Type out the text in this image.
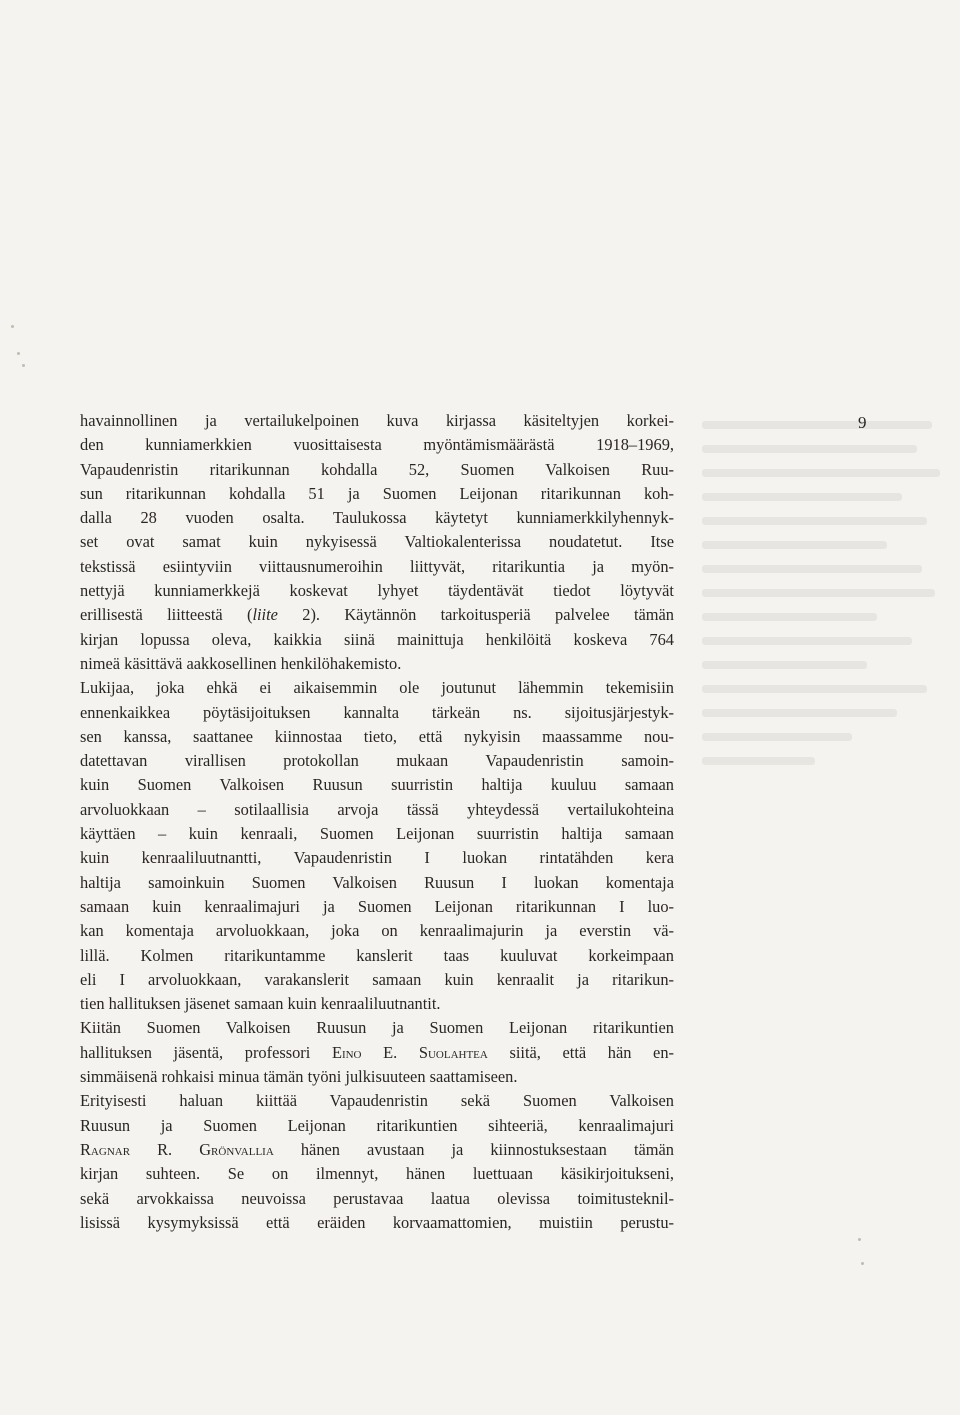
9

havainnollinen ja vertailukelpoinen kuva kirjassa käsiteltyjen korkei-
den kunniamerkkien vuosittaisesta myöntämismäärästä 1918–1969,
Vapaudenristin ritarikunnan kohdalla 52, Suomen Valkoisen Ruu-
sun ritarikunnan kohdalla 51 ja Suomen Leijonan ritarikunnan koh-
dalla 28 vuoden osalta. Taulukossa käytetyt kunniamerkkilyhennyk-
set ovat samat kuin nykyisessä Valtiokalenterissa noudatetut. Itse
tekstissä esiintyviin viittausnumeroihin liittyvät, ritarikuntia ja myön-
nettyjä kunniamerkkejä koskevat lyhyet täydentävät tiedot löytyvät
erillisestä liitteestä (liite 2). Käytännön tarkoitusperiä palvelee tämän
kirjan lopussa oleva, kaikkia siinä mainittuja henkilöitä koskeva 764
nimeä käsittävä aakkosellinen henkilöhakemisto.
Lukijaa, joka ehkä ei aikaisemmin ole joutunut lähemmin tekemisiin
ennenkaikkea pöytäsijoituksen kannalta tärkeän ns. sijoitusjärjestyk-
sen kanssa, saattanee kiinnostaa tieto, että nykyisin maassamme nou-
datettavan virallisen protokollan mukaan Vapaudenristin samoin-
kuin Suomen Valkoisen Ruusun suurristin haltija kuuluu samaan
arvoluokkaan – sotilaallisia arvoja tässä yhteydessä vertailukohteina
käyttäen – kuin kenraali, Suomen Leijonan suurristin haltija samaan
kuin kenraaliluutnantti, Vapaudenristin I luokan rintatähden kera
haltija samoinkuin Suomen Valkoisen Ruusun I luokan komentaja
samaan kuin kenraalimajuri ja Suomen Leijonan ritarikunnan I luo-
kan komentaja arvoluokkaan, joka on kenraalimajurin ja everstin vä-
lillä. Kolmen ritarikuntamme kanslerit taas kuuluvat korkeimpaan
eli I arvoluokkaan, varakanslerit samaan kuin kenraalit ja ritarikun-
tien hallituksen jäsenet samaan kuin kenraaliluutnantit.
Kiitän Suomen Valkoisen Ruusun ja Suomen Leijonan ritarikuntien
hallituksen jäsentä, professori Eino E. Suolahtea siitä, että hän en-
simmäisenä rohkaisi minua tämän työni julkisuuteen saattamiseen.
Erityisesti haluan kiittää Vapaudenristin sekä Suomen Valkoisen
Ruusun ja Suomen Leijonan ritarikuntien sihteeriä, kenraalimajuri
Ragnar R. Grönvallia hänen avustaan ja kiinnostuksestaan tämän
kirjan suhteen. Se on ilmennyt, hänen luettuaan käsikirjoitukseni,
sekä arvokkaissa neuvoissa perustavaa laatua olevissa toimitusteknil-
lisissä kysymyksissä että eräiden korvaamattomien, muistiin perustu-
